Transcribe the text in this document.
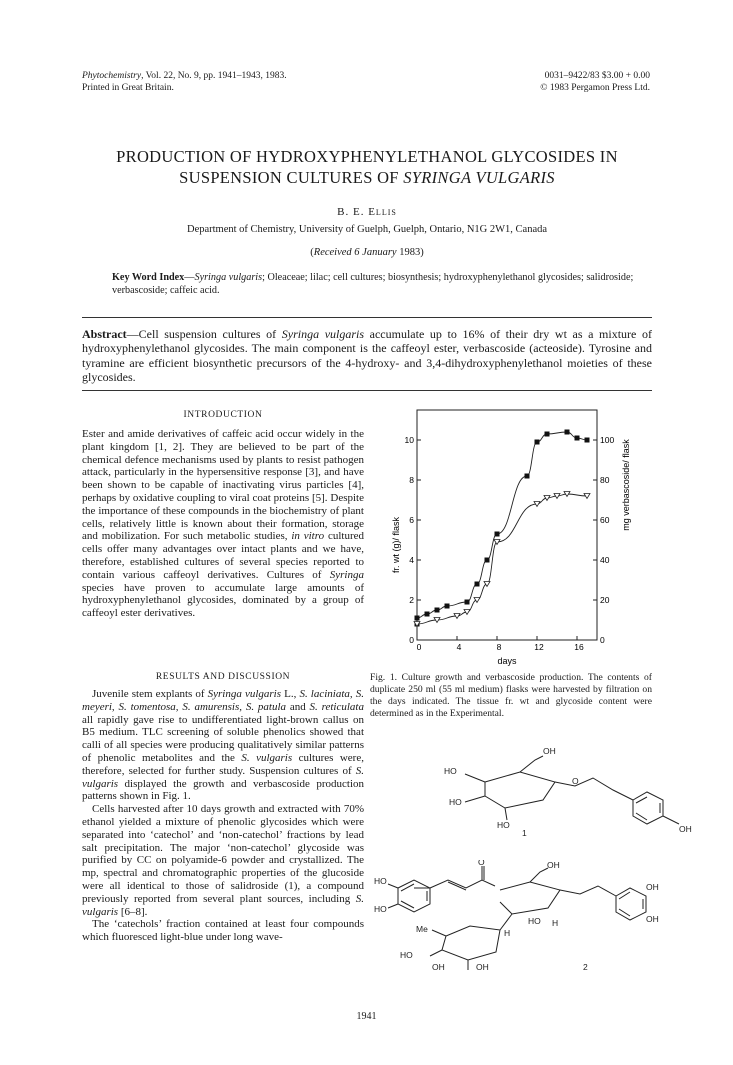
Phytochemistry, Vol. 22, No. 9, pp. 1941–1943, 1983.
Printed in Great Britain.
0031–9422/83 $3.00 + 0.00
© 1983 Pergamon Press Ltd.
PRODUCTION OF HYDROXYPHENYLETHANOL GLYCOSIDES IN
SUSPENSION CULTURES OF SYRINGA VULGARIS
B. E. Ellis
Department of Chemistry, University of Guelph, Guelph, Ontario, N1G 2W1, Canada
(Received 6 January 1983)
Key Word Index—Syringa vulgaris; Oleaceae; lilac; cell cultures; biosynthesis; hydroxyphenylethanol glycosides; salidroside; verbascoside; caffeic acid.
Abstract—Cell suspension cultures of Syringa vulgaris accumulate up to 16% of their dry wt as a mixture of hydroxyphenylethanol glycosides. The main component is the caffeoyl ester, verbascoside (acteoside). Tyrosine and tyramine are efficient biosynthetic precursors of the 4-hydroxy- and 3,4-dihydroxyphenylethanol moieties of these glycosides.
INTRODUCTION

Ester and amide derivatives of caffeic acid occur widely in the plant kingdom [1, 2]. They are believed to be part of the chemical defence mechanisms used by plants to resist pathogen attack, particularly in the hypersensitive response [3], and have been shown to be capable of inactivating virus particles [4], perhaps by oxidative coupling to viral coat proteins [5]. Despite the importance of these compounds in the biochemistry of plant cells, relatively little is known about their formation, storage and mobilization. For such metabolic studies, in vitro cultured cells offer many advantages over intact plants and we have, therefore, established cultures of several species reported to contain various caffeoyl derivatives. Cultures of Syringa species have proven to accumulate large amounts of hydroxyphenylethanol glycosides, dominated by a group of caffeoyl ester derivatives.

RESULTS AND DISCUSSION

Juvenile stem explants of Syringa vulgaris L., S. laciniata, S. meyeri, S. tomentosa, S. amurensis, S. patula and S. reticulata all rapidly gave rise to undifferentiated light-brown callus on B5 medium. TLC screening of soluble phenolics showed that calli of all species were producing qualitatively similar patterns of phenolic metabolites and the S. vulgaris cultures were, therefore, selected for further study. Suspension cultures of S. vulgaris displayed the growth and verbascoside production patterns shown in Fig. 1.

Cells harvested after 10 days growth and extracted with 70% ethanol yielded a mixture of phenolic glycosides which were separated into ‘catechol’ and ‘non-catechol’ fractions by lead salt precipitation. The major ‘non-catechol’ glycoside was purified by CC on polyamide-6 powder and crystallized. The mp, spectral and chromatographic properties of the glucoside were all identical to those of salidroside (1), a compound previously reported from several plant sources, including S. vulgaris [6–8].

The ‘catechols’ fraction contained at least four compounds which fluoresced light-blue under long wave-

0	4	8	12	16
0
2
4
6
8
10
0
20
40
60
80
100
days
fr. wt (g)/ flask
mg verbascoside/ flask
Fig. 1. Culture growth and verbascoside production. The contents of duplicate 250 ml (55 ml medium) flasks were harvested by filtration on the days indicated. The tissue fr. wt and glycoside content were determined as in the Experimental.
OH
HO
HO
HO
O
OH
1
O	OH
HO
HO
HO H
Me
HO
H
OH	OH
OH
OH
2
1941
